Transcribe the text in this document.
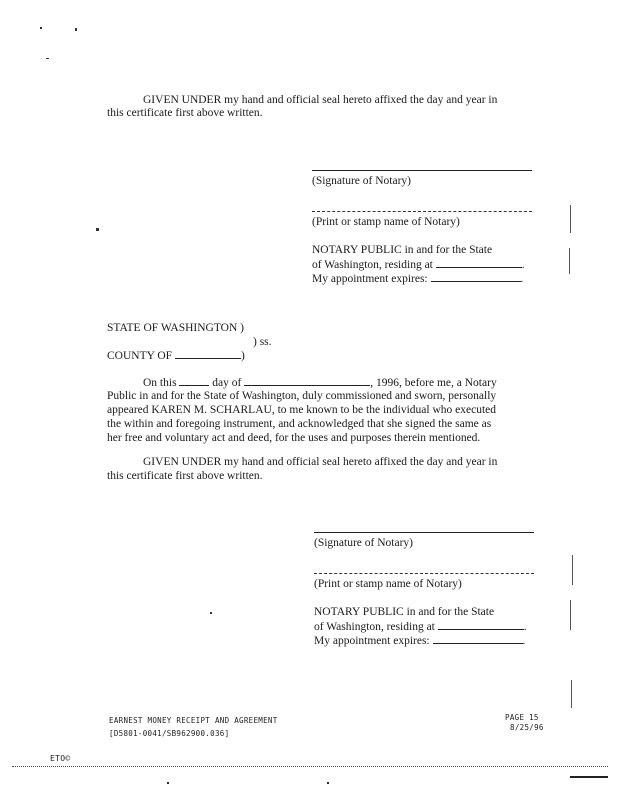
GIVEN UNDER my hand and official seal hereto affixed the day and year in
this certificate first above written.
(Signature of Notary)
(Print or stamp name of Notary)
NOTARY PUBLIC in and for the State
of Washington, residing at	.
My appointment expires:	.
STATE OF WASHINGTON )
) ss.
COUNTY OF	)
On this	day of	, 1996, before me, a Notary
Public in and for the State of Washington, duly commissioned and sworn, personally
appeared KAREN M. SCHARLAU, to me known to be the individual who executed
the within and foregoing instrument, and acknowledged that she signed the same as
her free and voluntary act and deed, for the uses and purposes therein mentioned.
GIVEN UNDER my hand and official seal hereto affixed the day and year in
this certificate first above written.
(Signature of Notary)
(Print or stamp name of Notary)
NOTARY PUBLIC in and for the State
of Washington, residing at	.
My appointment expires:	.
EARNEST MONEY RECEIPT AND AGREEMENT
[D5801-0041/SB962900.036]
PAGE 15
8/25/96
ETO©
